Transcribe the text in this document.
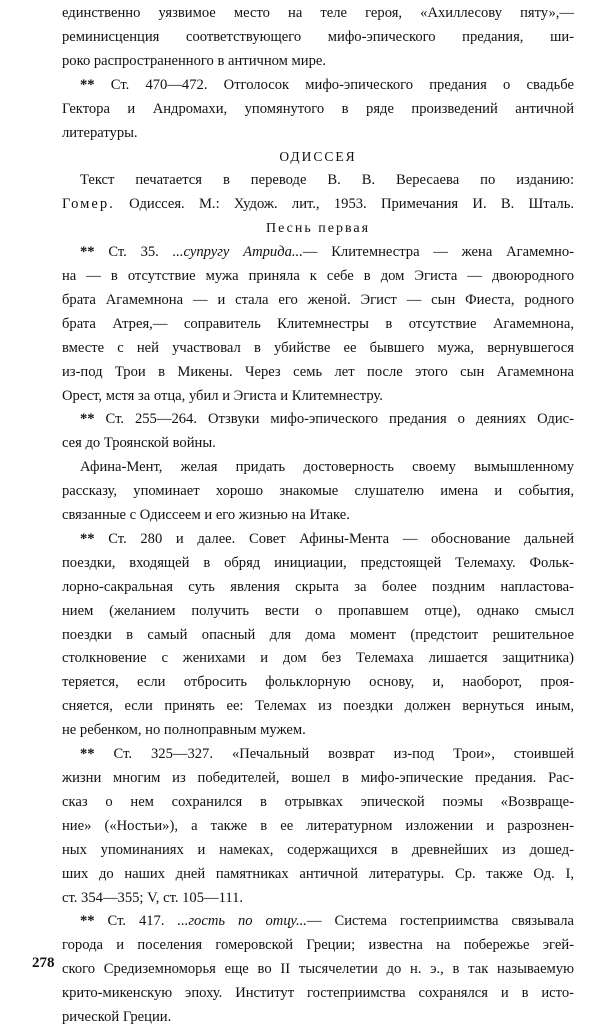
единственно уязвимое место на теле героя, «Ахиллесову пяту»,—
реминисценция соответствующего мифо-эпического предания, ши-
роко распространенного в античном мире.

** Ст. 470—472. Отголосок мифо-эпического предания о свадьбе
Гектора и Андромахи, упомянутого в ряде произведений античной
литературы.

ОДИССЕЯ

Текст печатается в переводе В. В. Вересаева по изданию:
Гомер. Одиссея. М.: Худож. лит., 1953. Примечания И. В. Шталь.

Песнь первая

** Ст. 35. ...супругу Атрида...— Клитемнестра — жена Агамемно-
на — в отсутствие мужа приняла к себе в дом Эгиста — двоюродного
брата Агамемнона — и стала его женой. Эгист — сын Фиеста, родного
брата Атрея,— соправитель Клитемнестры в отсутствие Агамемнона,
вместе с ней участвовал в убийстве ее бывшего мужа, вернувшегося
из-под Трои в Микены. Через семь лет после этого сын Агамемнона
Орест, мстя за отца, убил и Эгиста и Клитемнестру.

** Ст. 255—264. Отзвуки мифо-эпического предания о деяниях Одис-
сея до Троянской войны.

Афина-Мент, желая придать достоверность своему вымышленному
рассказу, упоминает хорошо знакомые слушателю имена и события,
связанные с Одиссеем и его жизнью на Итаке.

** Ст. 280 и далее. Совет Афины-Мента — обоснование дальней
поездки, входящей в обряд инициации, предстоящей Телемаху. Фольк-
лорно-сакральная суть явления скрыта за более поздним напластова-
нием (желанием получить вести о пропавшем отце), однако смысл
поездки в самый опасный для дома момент (предстоит решительное
столкновение с женихами и дом без Телемаха лишается защитника)
теряется, если отбросить фольклорную основу, и, наоборот, проя-
сняется, если принять ее: Телемах из поездки должен вернуться иным,
не ребенком, но полноправным мужем.

** Ст. 325—327. «Печальный возврат из-под Трои», стоившей
жизни многим из победителей, вошел в мифо-эпические предания. Рас-
сказ о нем сохранился в отрывках эпической поэмы «Возвраще-
ние» («Ностьи»), а также в ее литературном изложении и разрознен-
ных упоминаниях и намеках, содержащихся в древнейших из дошед-
ших до наших дней памятниках античной литературы. Ср. также Од. I,
ст. 354—355; V, ст. 105—111.

** Ст. 417. ...гость по отцу...— Система гостеприимства связывала
города и поселения гомеровской Греции; известна на побережье эгей-
ского Средиземноморья еще во II тысячелетии до н. э., в так называемую
крито-микенскую эпоху. Институт гостеприимства сохранялся и в исто-
рической Греции.

278
